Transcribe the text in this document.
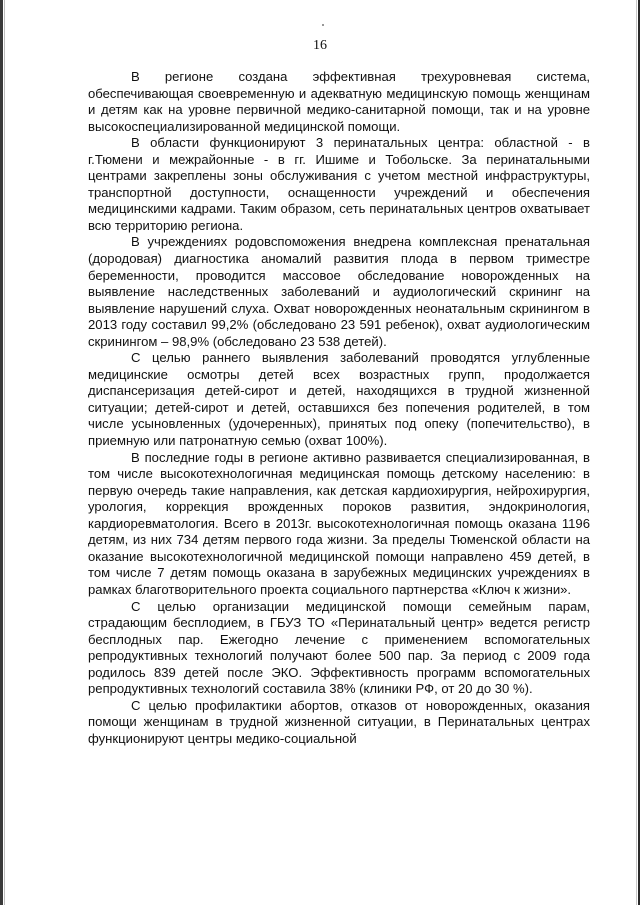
16

В регионе создана эффективная трехуровневая система, обеспечивающая своевременную и адекватную медицинскую помощь женщинам и детям как на уровне первичной медико-санитарной помощи, так и на уровне высокоспециализированной медицинской помощи.

В области функционируют 3 перинатальных центра: областной - в г.Тюмени и межрайонные - в гг. Ишиме и Тобольске. За перинатальными центрами закреплены зоны обслуживания с учетом местной инфраструктуры, транспортной доступности, оснащенности учреждений и обеспечения медицинскими кадрами. Таким образом, сеть перинатальных центров охватывает всю территорию региона.

В учреждениях родовспоможения внедрена комплексная пренатальная (дородовая) диагностика аномалий развития плода в первом триместре беременности, проводится массовое обследование новорожденных на выявление наследственных заболеваний и аудиологический скрининг на выявление нарушений слуха. Охват новорожденных неонатальным скринингом в 2013 году составил 99,2% (обследовано 23 591 ребенок), охват аудиологическим скринингом – 98,9% (обследовано 23 538 детей).

С целью раннего выявления заболеваний проводятся углубленные медицинские осмотры детей всех возрастных групп, продолжается диспансеризация детей-сирот и детей, находящихся в трудной жизненной ситуации; детей-сирот и детей, оставшихся без попечения родителей, в том числе усыновленных (удочеренных), принятых под опеку (попечительство), в приемную или патронатную семью (охват 100%).

В последние годы в регионе активно развивается специализированная, в том числе высокотехнологичная медицинская помощь детскому населению: в первую очередь такие направления, как детская кардиохирургия, нейрохирургия, урология, коррекция врожденных пороков развития, эндокринология, кардиоревматология. Всего в 2013г. высокотехнологичная помощь оказана 1196 детям, из них 734 детям первого года жизни. За пределы Тюменской области на оказание высокотехнологичной медицинской помощи направлено 459 детей, в том числе 7 детям помощь оказана в зарубежных медицинских учреждениях в рамках благотворительного проекта социального партнерства «Ключ к жизни».

С целью организации медицинской помощи семейным парам, страдающим бесплодием, в ГБУЗ ТО «Перинатальный центр» ведется регистр бесплодных пар. Ежегодно лечение с применением вспомогательных репродуктивных технологий получают более 500 пар. За период с 2009 года родилось 839 детей после ЭКО. Эффективность программ вспомогательных репродуктивных технологий составила 38% (клиники РФ, от 20 до 30 %).

С целью профилактики абортов, отказов от новорожденных, оказания помощи женщинам в трудной жизненной ситуации, в Перинатальных центрах функционируют центры медико-социальной
